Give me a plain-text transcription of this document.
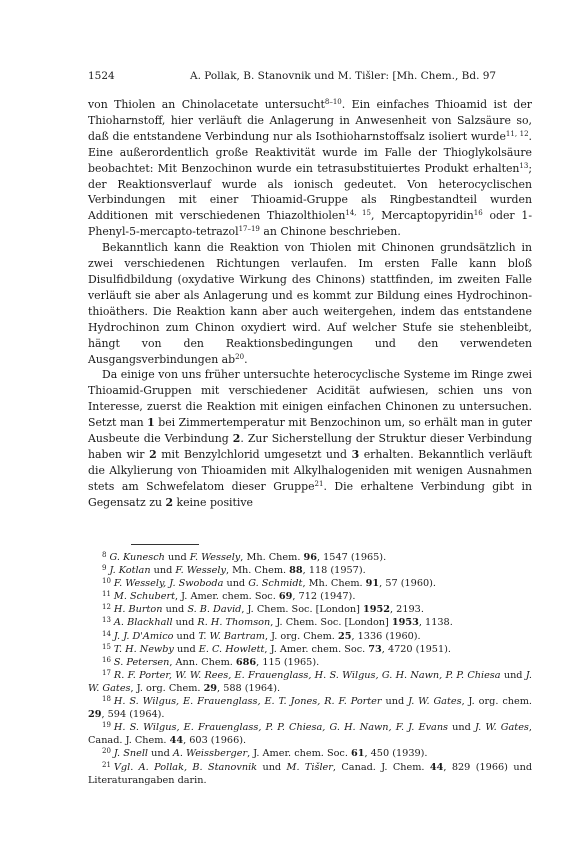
1524	A. Pollak, B. Stanovnik und M. Tišler: [Mh. Chem., Bd. 97

von Thiolen an Chinolacetate untersucht$^{8-10}$. Ein einfaches Thioamid ist der Thioharnstoff, hier verläuft die Anlagerung in Anwesenheit von Salzsäure so, daß die entstandene Verbindung nur als Isothioharnstoffsalz isoliert wurde$^{11, 12}$. Eine außerordentlich große Reaktivität wurde im Falle der Thioglykolsäure beobachtet: Mit Benzochinon wurde ein tetrasubstituiertes Produkt erhalten$^{13}$; der Reaktionsverlauf wurde als ionisch gedeutet. Von heterocyclischen Verbindungen mit einer Thioamid-Gruppe als Ringbestandteil wurden Additionen mit verschiedenen Thiazolthiolen$^{14, 15}$, Mercaptopyridin$^{16}$ oder 1-Phenyl-5-mercapto-tetrazol$^{17-19}$ an Chinone beschrieben.

Bekanntlich kann die Reaktion von Thiolen mit Chinonen grundsätzlich in zwei verschiedenen Richtungen verlaufen. Im ersten Falle kann bloß Disulfidbildung (oxydative Wirkung des Chinons) stattfinden, im zweiten Falle verläuft sie aber als Anlagerung und es kommt zur Bildung eines Hydrochinon-thioäthers. Die Reaktion kann aber auch weitergehen, indem das entstandene Hydrochinon zum Chinon oxydiert wird. Auf welcher Stufe sie stehenbleibt, hängt von den Reaktionsbedingungen und den verwendeten Ausgangsverbindungen $ab^{20}$.

Da einige von uns früher untersuchte heterocyclische Systeme im Ringe zwei Thioamid-Gruppen mit verschiedener Acidität aufwiesen, schien uns von Interesse, zuerst die Reaktion mit einigen einfachen Chinonen zu untersuchen. Setzt man 1 bei Zimmertemperatur mit Benzochinon um, so erhält man in guter Ausbeute die Verbindung 2. Zur Sicherstellung der Struktur dieser Verbindung haben wir 2 mit Benzylchlorid umgesetzt und 3 erhalten. Bekanntlich verläuft die Alkylierung von Thioamiden mit Alkylhalogeniden mit wenigen Ausnahmen stets am Schwefelatom dieser Gruppe$^{21}$. Die erhaltene Verbindung gibt in Gegensatz zu 2 keine positive

$^8$ G. Kunesch und F. Wessely, Mh. Chem. 96, 1547 (1965).

$^9$ J. Kotlan und F. Wessely, Mh. Chem. 88, 118 (1957).

$^{10}$ F. Wessely, J. Swoboda und G. Schmidt, Mh. Chem. 91, 57 (1960).

$^{11}$ M. Schubert, J. Amer. chem. Soc. 69, 712 (1947).

$^{12}$ H. Burton und S. B. David, J. Chem. Soc. [London] 1952, 2193.

$^{13}$ A. Blackhall und R. H. Thomson, J. Chem. Soc. [London] 1953, 1138.

$^{14}$ J. J. D'Amico und T. W. Bartram, J. org. Chem. 25, 1336 (1960).

$^{15}$ T. H. Newby und E. C. Howlett, J. Amer. chem. Soc. 73, 4720 (1951).

$^{16}$ S. Petersen, Ann. Chem. 686, 115 (1965).

$^{17}$ R. F. Porter, W. W. Rees, E. Frauenglass, H. S. Wilgus, G. H. Nawn, P. P. Chiesa und J. W. Gates, J. org. Chem. 29, 588 (1964).

$^{18}$ H. S. Wilgus, E. Frauenglass, E. T. Jones, R. F. Porter und J. W. Gates, J. org. chem. 29, 594 (1964).

$^{19}$ H. S. Wilgus, E. Frauenglass, P. P. Chiesa, G. H. Nawn, F. J. Evans und J. W. Gates, Canad. J. Chem. 44, 603 (1966).

$^{20}$ J. Snell und A. Weissberger, J. Amer. chem. Soc. 61, 450 (1939).

$^{21}$ Vgl. A. Pollak, B. Stanovnik und M. Tišler, Canad. J. Chem. 44, 829 (1966) und Literaturangaben darin.
